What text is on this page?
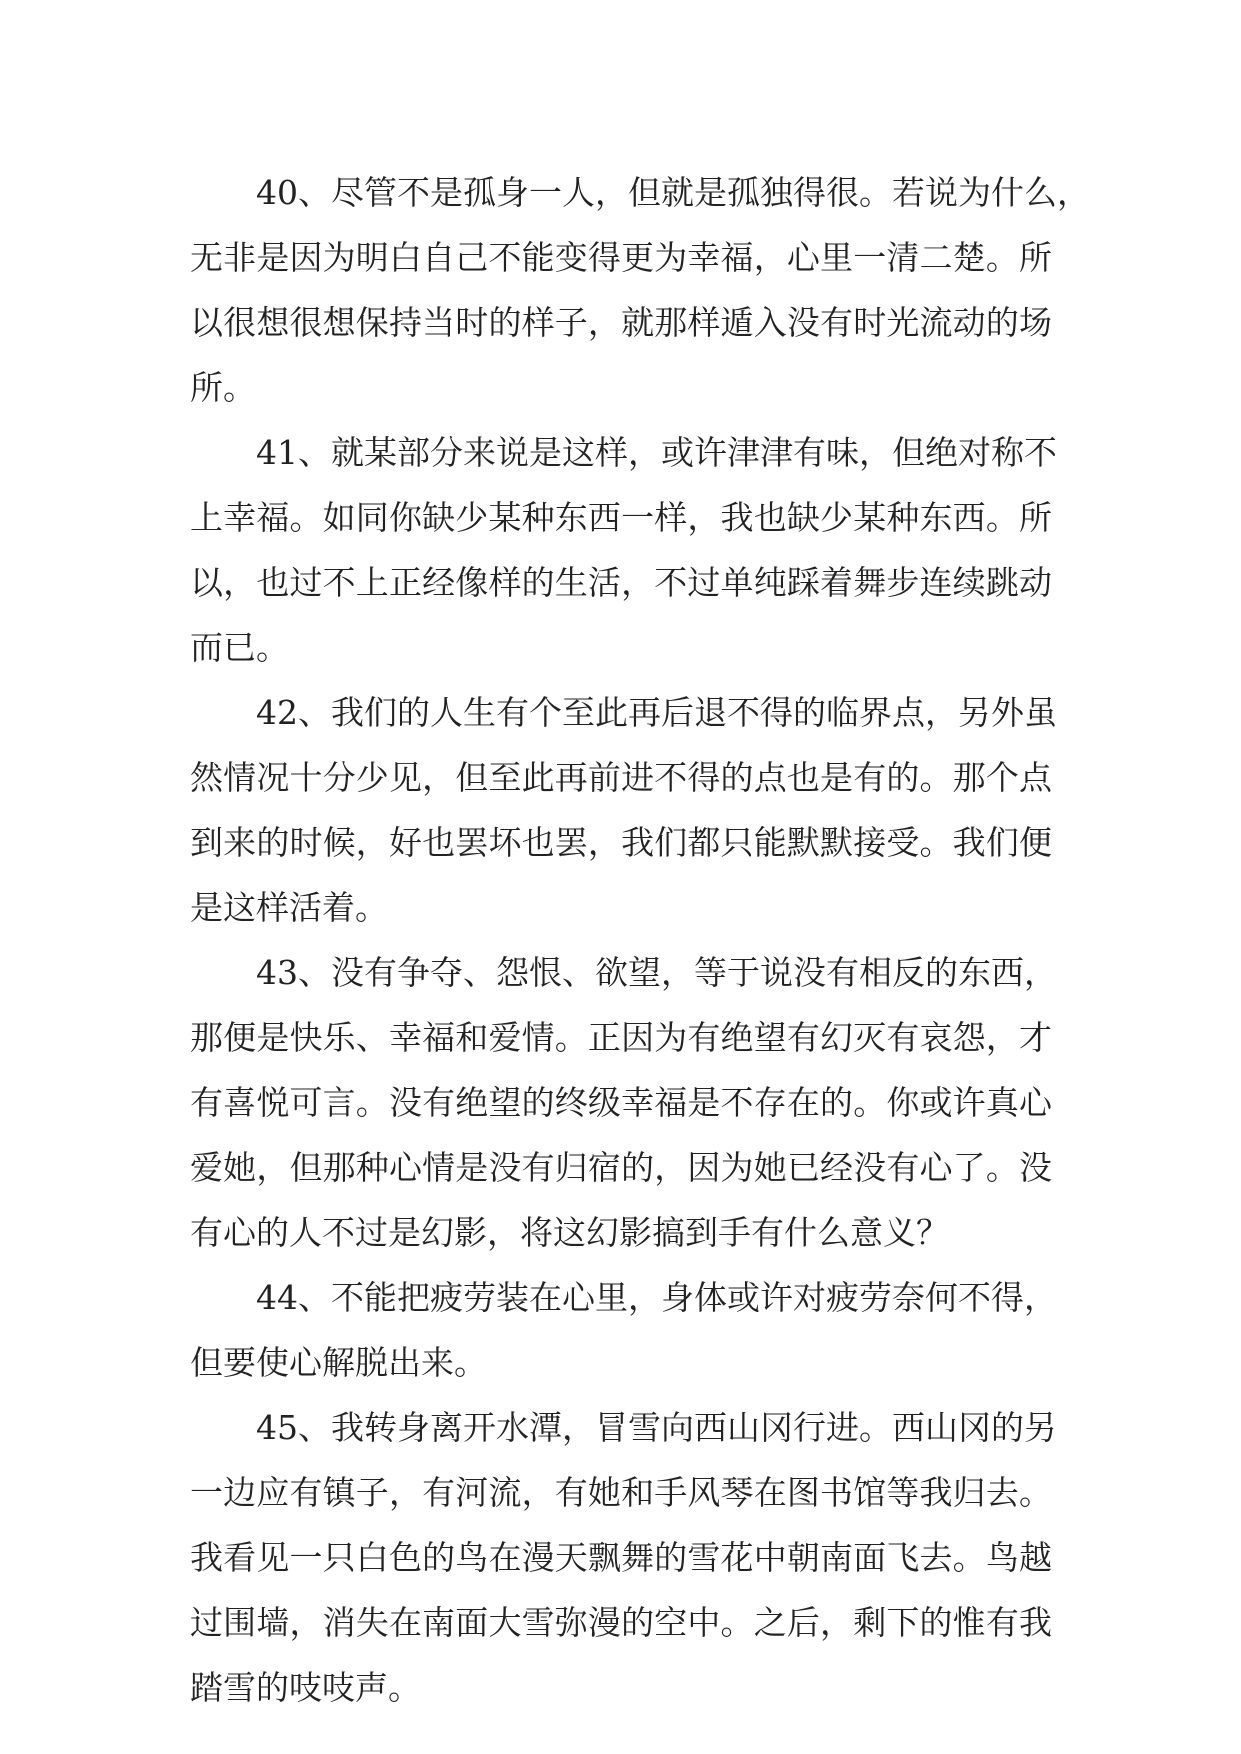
40、尽管不是孤身一人，但就是孤独得很。若说为什么，
无非是因为明白自己不能变得更为幸福，心里一清二楚。所
以很想很想保持当时的样子，就那样遁入没有时光流动的场
所。
41、就某部分来说是这样，或许津津有味，但绝对称不
上幸福。如同你缺少某种东西一样，我也缺少某种东西。所
以，也过不上正经像样的生活，不过单纯踩着舞步连续跳动
而已。
42、我们的人生有个至此再后退不得的临界点，另外虽
然情况十分少见，但至此再前进不得的点也是有的。那个点
到来的时候，好也罢坏也罢，我们都只能默默接受。我们便
是这样活着。
43、没有争夺、怨恨、欲望，等于说没有相反的东西，
那便是快乐、幸福和爱情。正因为有绝望有幻灭有哀怨，才
有喜悦可言。没有绝望的终级幸福是不存在的。你或许真心
爱她，但那种心情是没有归宿的，因为她已经没有心了。没
有心的人不过是幻影，将这幻影搞到手有什么意义？
44、不能把疲劳装在心里，身体或许对疲劳奈何不得，
但要使心解脱出来。
45、我转身离开水潭，冒雪向西山冈行进。西山冈的另
一边应有镇子，有河流，有她和手风琴在图书馆等我归去。
我看见一只白色的鸟在漫天飘舞的雪花中朝南面飞去。鸟越
过围墙，消失在南面大雪弥漫的空中。之后，剩下的惟有我
踏雪的吱吱声。
